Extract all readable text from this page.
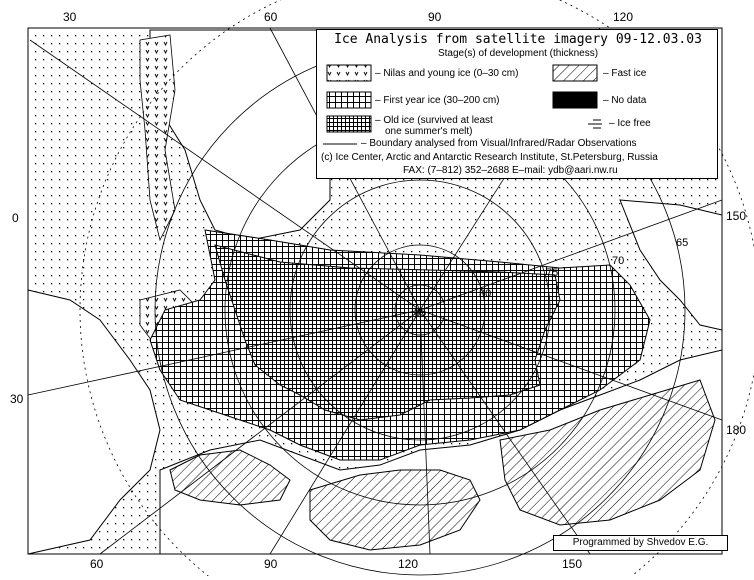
85
80
75
70
65
30	60	90	120
60	90	120	150
0
30
150
180
Ice Analysis from satellite imagery 09-12.03.03
Stage(s) of development (thickness)
– Nilas and young ice (0–30 cm)	– Fast ice
– First year ice (30–200 cm)	– No data
– Old ice (survived at least
one summer's melt)
– Ice free
– Boundary analysed from Visual/Infrared/Radar Observations
(c) Ice Center, Arctic and Antarctic Research Institute, St.Petersburg, Russia
FAX: (7–812) 352–2688 E–mail: ydb@aari.nw.ru
Programmed by Shvedov E.G.
